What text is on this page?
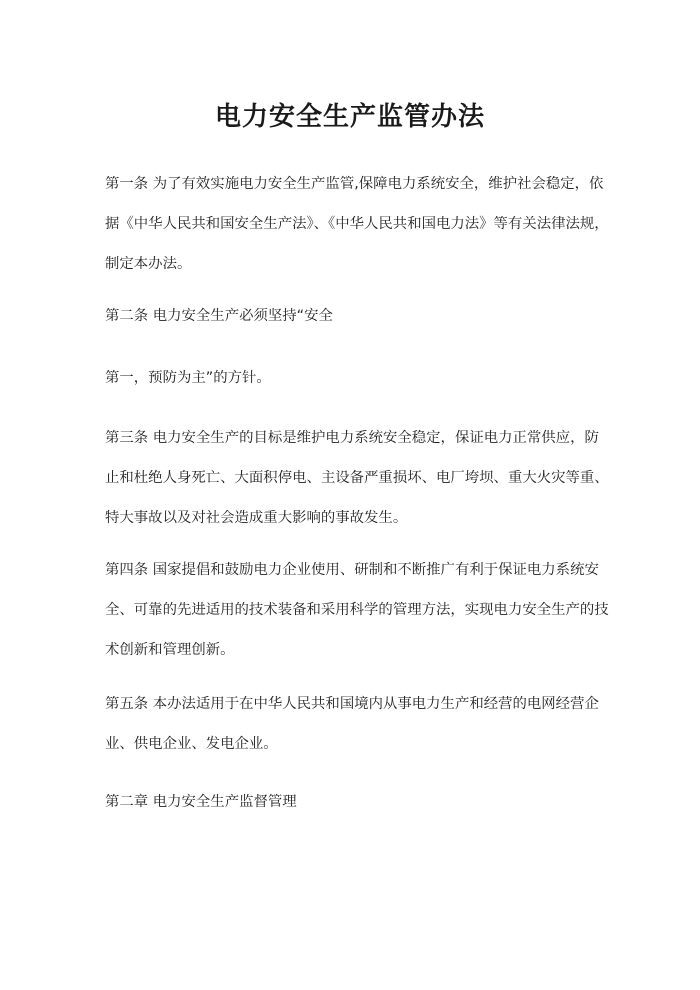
电力安全生产监管办法

第一条 为了有效实施电力安全生产监管,保障电力系统安全，维护社会稳定，依
据《中华人民共和国安全生产法》、《中华人民共和国电力法》等有关法律法规，
制定本办法。

第二条 电力安全生产必须坚持“安全

第一，预防为主”的方针。

第三条 电力安全生产的目标是维护电力系统安全稳定，保证电力正常供应，防
止和杜绝人身死亡、大面积停电、主设备严重损坏、电厂垮坝、重大火灾等重、
特大事故以及对社会造成重大影响的事故发生。

第四条 国家提倡和鼓励电力企业使用、研制和不断推广有利于保证电力系统安
全、可靠的先进适用的技术装备和采用科学的管理方法，实现电力安全生产的技
术创新和管理创新。

第五条 本办法适用于在中华人民共和国境内从事电力生产和经营的电网经营企
业、供电企业、发电企业。

第二章 电力安全生产监督管理
